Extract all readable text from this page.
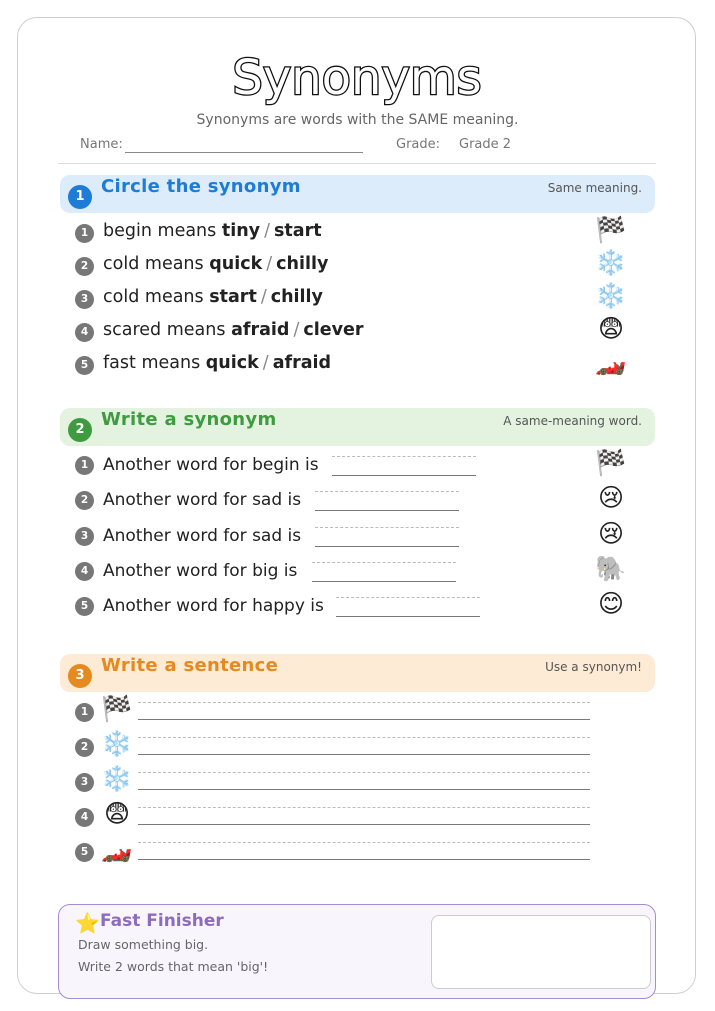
Synonyms
Synonyms are words with the SAME meaning.
Name:	Grade: Grade 2
1 Circle the synonym	Same meaning.
1 begin means tiny / start	🏁
2 cold means quick / chilly	❄️
3 cold means start / chilly	❄️
4 scared means afraid / clever	😨
5 fast means quick / afraid	🏎️
2 Write a synonym	A same-meaning word.
1 Another word for begin is	🏁
2 Another word for sad is	😢
3 Another word for sad is	😢
4 Another word for big is	🐘
5 Another word for happy is	😊
3 Write a sentence	Use a synonym!
1 🏁
2 ❄️
3 ❄️
4 😨
5 🏎️
⭐ Fast Finisher
Draw something big.
Write 2 words that mean 'big'!
